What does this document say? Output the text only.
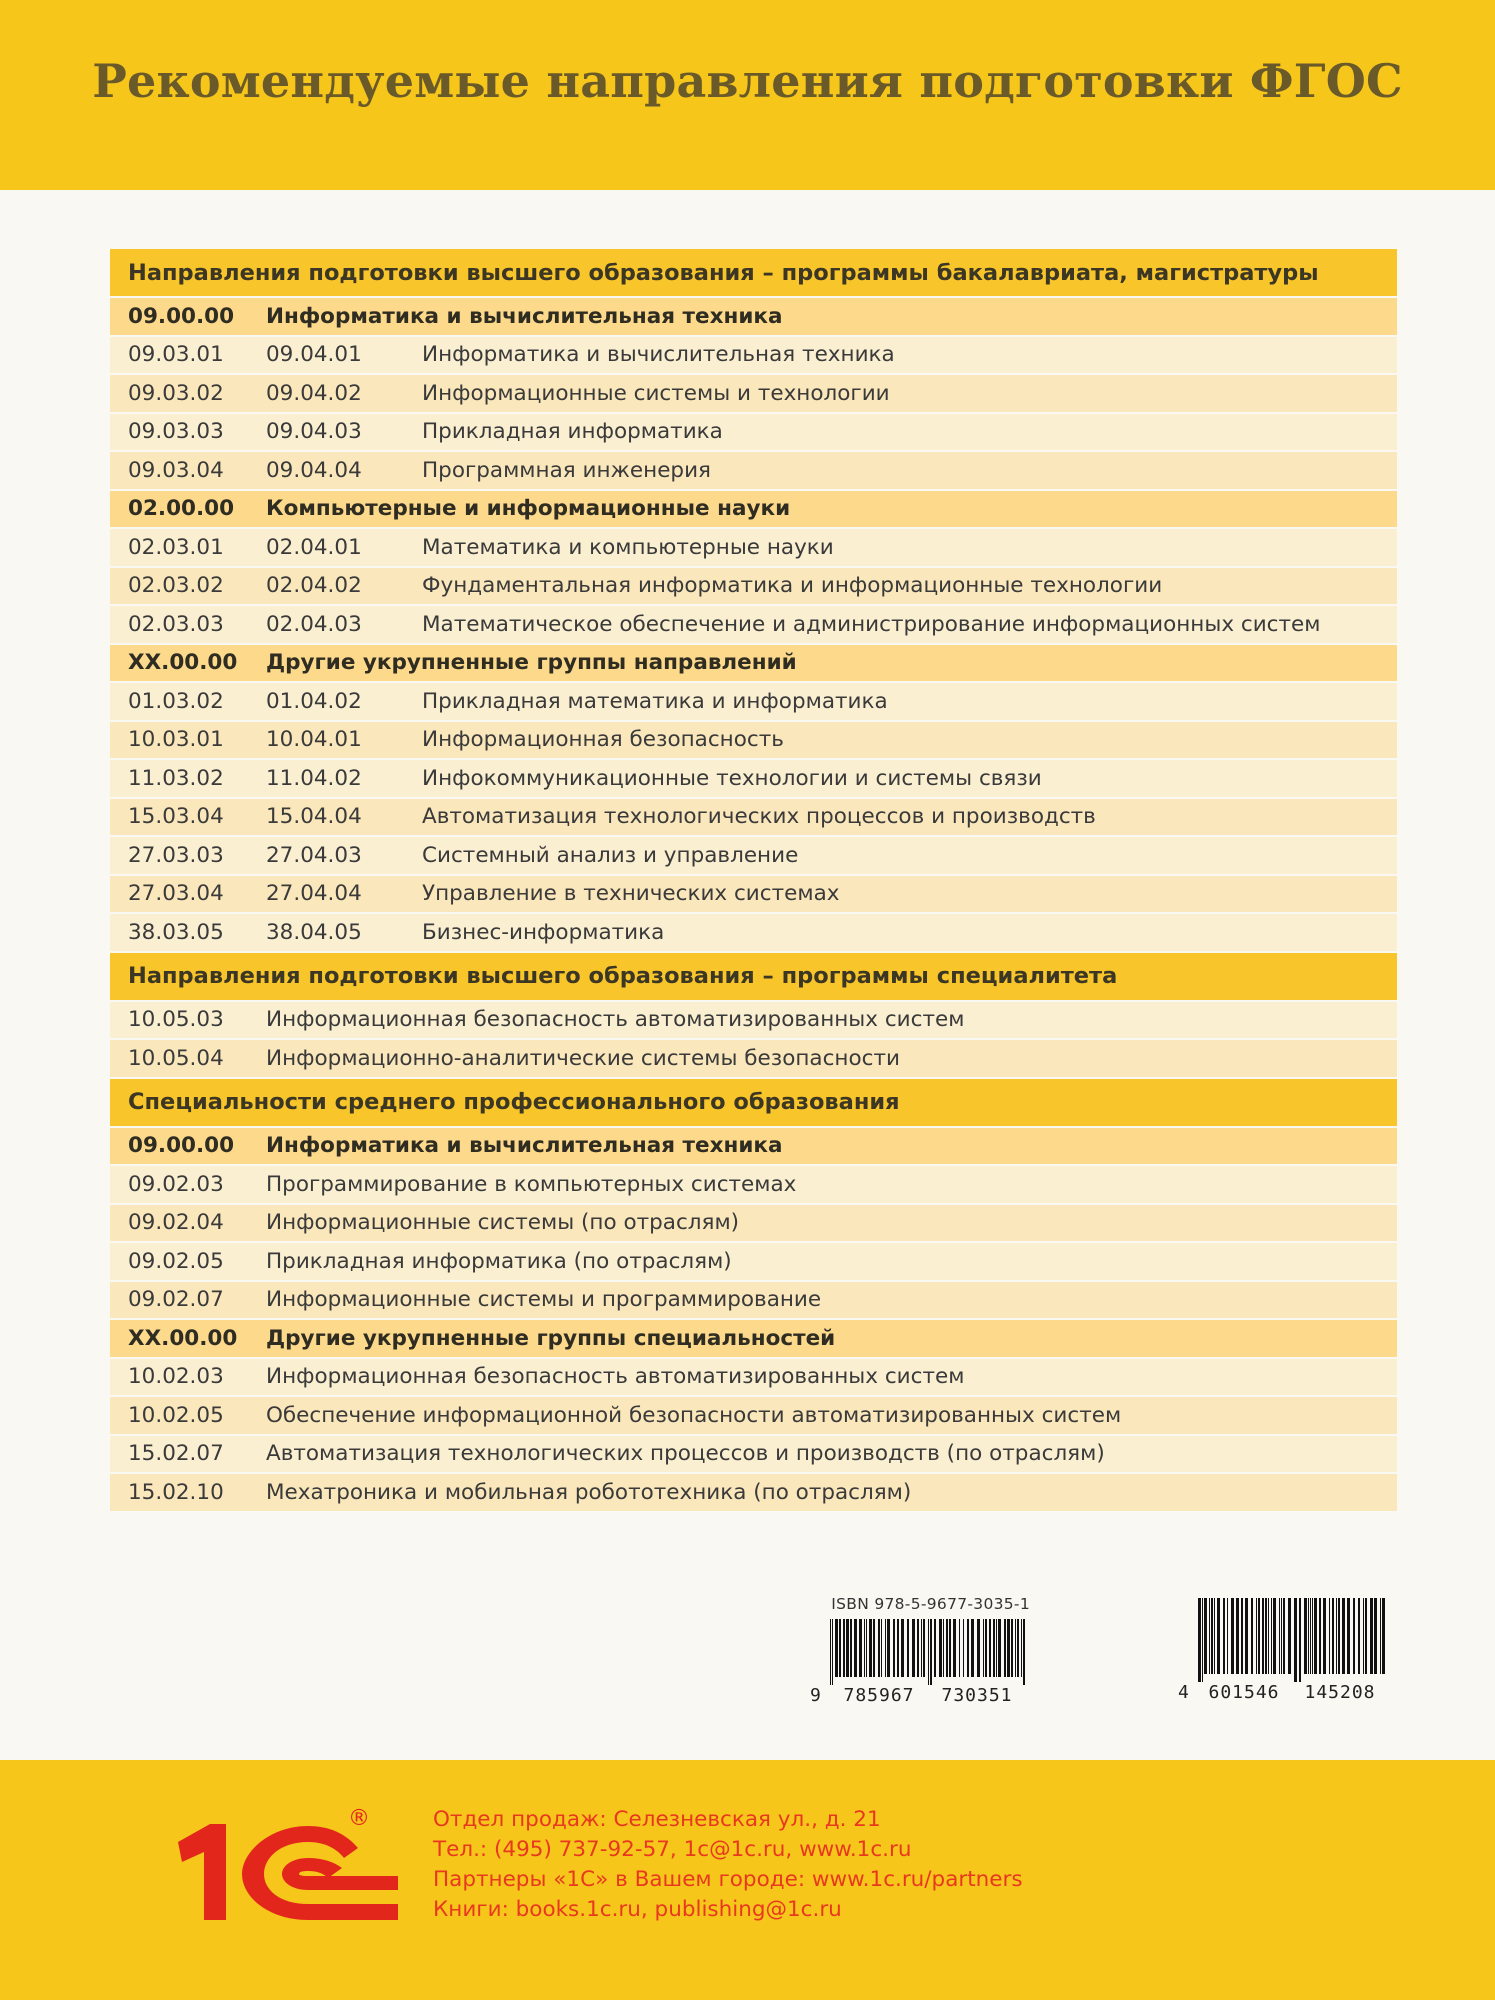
Рекомендуемые направления подготовки ФГОС
Направления подготовки высшего образования – программы бакалавриата, магистратуры
09.00.00	Информатика и вычислительная техника
09.03.01	09.04.01	Информатика и вычислительная техника
09.03.02	09.04.02	Информационные системы и технологии
09.03.03	09.04.03	Прикладная информатика
09.03.04	09.04.04	Программная инженерия
02.00.00	Компьютерные и информационные науки
02.03.01	02.04.01	Математика и компьютерные науки
02.03.02	02.04.02	Фундаментальная информатика и информационные технологии
02.03.03	02.04.03	Математическое обеспечение и администрирование информационных систем
XX.00.00	Другие укрупненные группы направлений
01.03.02	01.04.02	Прикладная математика и информатика
10.03.01	10.04.01	Информационная безопасность
11.03.02	11.04.02	Инфокоммуникационные технологии и системы связи
15.03.04	15.04.04	Автоматизация технологических процессов и производств
27.03.03	27.04.03	Системный анализ и управление
27.03.04	27.04.04	Управление в технических системах
38.03.05	38.04.05	Бизнес-информатика
Направления подготовки высшего образования – программы специалитета
10.05.03	Информационная безопасность автоматизированных систем
10.05.04	Информационно-аналитические системы безопасности
Специальности среднего профессионального образования
09.00.00	Информатика и вычислительная техника
09.02.03	Программирование в компьютерных системах
09.02.04	Информационные системы (по отраслям)
09.02.05	Прикладная информатика (по отраслям)
09.02.07	Информационные системы и программирование
XX.00.00	Другие укрупненные группы специальностей
10.02.03	Информационная безопасность автоматизированных систем
10.02.05	Обеспечение информационной безопасности автоматизированных систем
15.02.07	Автоматизация технологических процессов и производств (по отраслям)
15.02.10	Мехатроника и мобильная робототехника (по отраслям)
ISBN 978-5-9677-3035-1
9	785967	730351	4	601546	145208
®	Отдел продаж: Селезневская ул., д. 21
Тел.: (495) 737-92-57, 1c@1c.ru, www.1c.ru
Партнеры «1С» в Вашем городе: www.1c.ru/partners
Книги: books.1c.ru, publishing@1c.ru
